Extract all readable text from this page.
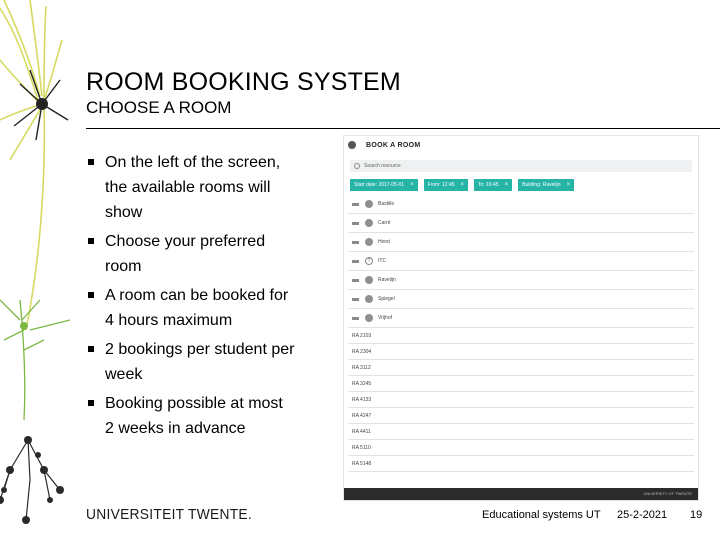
ROOM BOOKING SYSTEM
CHOOSE A ROOM
On the left of the screen, the available rooms will show
Choose your preferred room
A room can be booked for 4 hours maximum
2 bookings per student per week
Booking possible at most 2 weeks in advance
BOOK A ROOM
Search resource
Start date: 2017-05-01 ×	From: 12:45 ×	To: 16:45 ×	Building: Ravelijn ×
Bastille
Carré
Horst
?	ITC
Ravelijn
Spiegel
Vrijhof
RA 2103
RA 2304
RA 3112
RA 3245
RA 4133
RA 4247
RA 4411
RA 5110
RA 5148
UNIVERSITY OF TWENTE
UNIVERSITEIT TWENTE.	Educational systems UT 25-2-2021 19
